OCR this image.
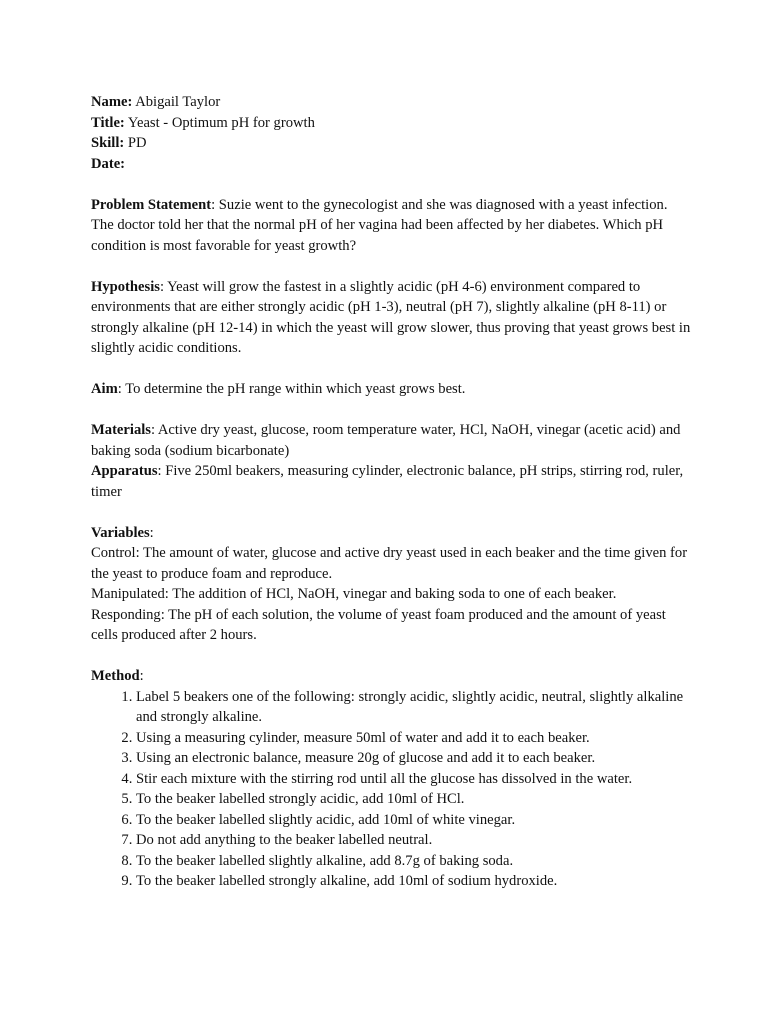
Name: Abigail Taylor

Title: Yeast - Optimum pH for growth

Skill: PD

Date:

Problem Statement: Suzie went to the gynecologist and she was diagnosed with a yeast infection. The doctor told her that the normal pH of her vagina had been affected by her diabetes. Which pH condition is most favorable for yeast growth?

Hypothesis: Yeast will grow the fastest in a slightly acidic (pH 4-6) environment compared to environments that are either strongly acidic (pH 1-3), neutral (pH 7), slightly alkaline (pH 8-11) or strongly alkaline (pH 12-14) in which the yeast will grow slower, thus proving that yeast grows best in slightly acidic conditions.

Aim: To determine the pH range within which yeast grows best.

Materials: Active dry yeast, glucose, room temperature water, HCl, NaOH, vinegar (acetic acid) and baking soda (sodium bicarbonate)

Apparatus: Five 250ml beakers, measuring cylinder, electronic balance, pH strips, stirring rod, ruler, timer

Variables:

Control: The amount of water, glucose and active dry yeast used in each beaker and the time given for the yeast to produce foam and reproduce.

Manipulated: The addition of HCl, NaOH, vinegar and baking soda to one of each beaker.

Responding: The pH of each solution, the volume of yeast foam produced and the amount of yeast cells produced after 2 hours.

Method:

1. Label 5 beakers one of the following: strongly acidic, slightly acidic, neutral, slightly alkaline and strongly alkaline.
2. Using a measuring cylinder, measure 50ml of water and add it to each beaker.
3. Using an electronic balance, measure 20g of glucose and add it to each beaker.
4. Stir each mixture with the stirring rod until all the glucose has dissolved in the water.
5. To the beaker labelled strongly acidic, add 10ml of HCl.
6. To the beaker labelled slightly acidic, add 10ml of white vinegar.
7. Do not add anything to the beaker labelled neutral.
8. To the beaker labelled slightly alkaline, add 8.7g of baking soda.
9. To the beaker labelled strongly alkaline, add 10ml of sodium hydroxide.
